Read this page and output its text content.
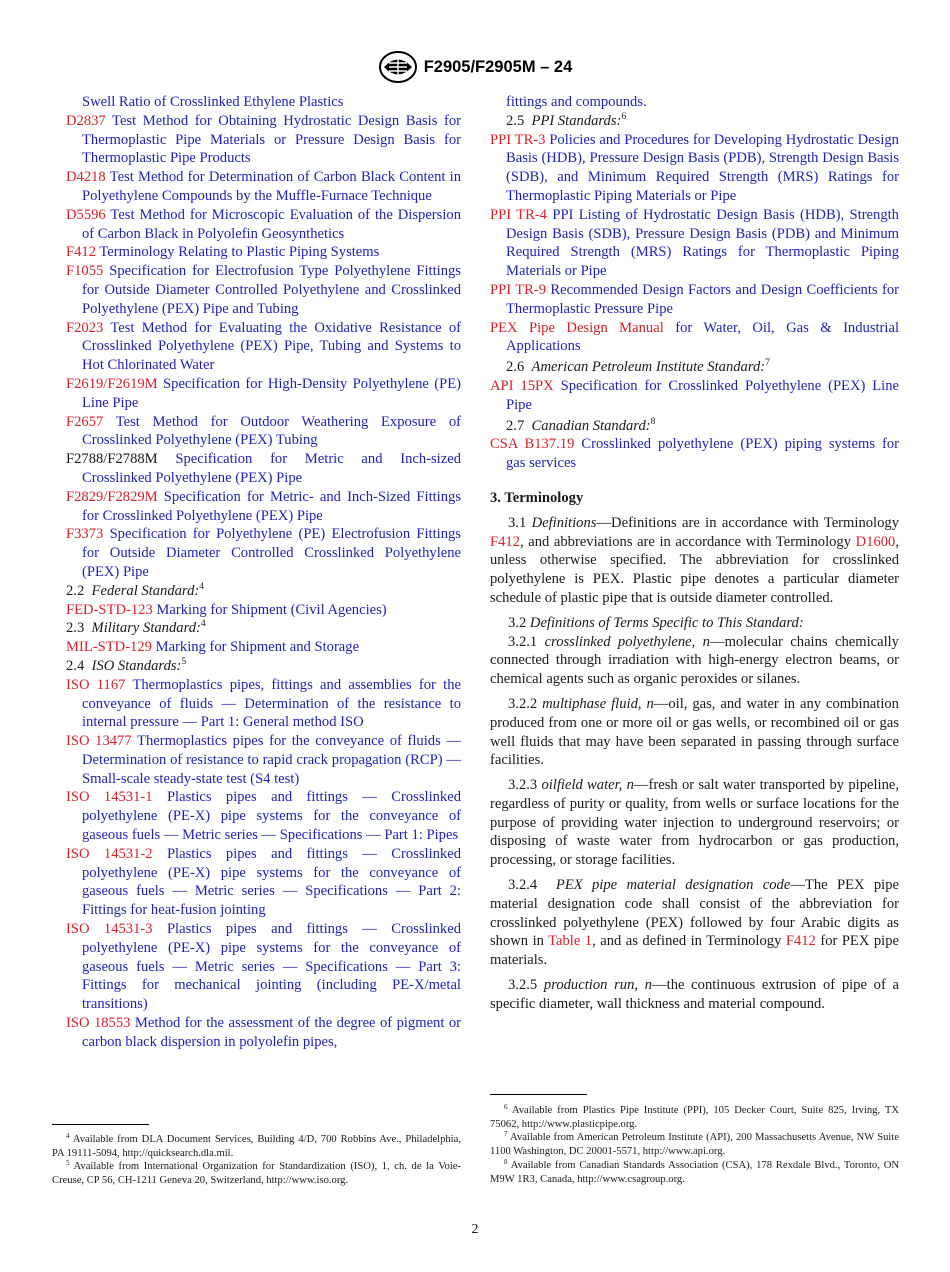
F2905/F2905M – 24
Swell Ratio of Crosslinked Ethylene Plastics
D2837 Test Method for Obtaining Hydrostatic Design Basis for Thermoplastic Pipe Materials or Pressure Design Basis for Thermoplastic Pipe Products
D4218 Test Method for Determination of Carbon Black Content in Polyethylene Compounds by the Muffle-Furnace Technique
D5596 Test Method for Microscopic Evaluation of the Dispersion of Carbon Black in Polyolefin Geosynthetics
F412 Terminology Relating to Plastic Piping Systems
F1055 Specification for Electrofusion Type Polyethylene Fittings for Outside Diameter Controlled Polyethylene and Crosslinked Polyethylene (PEX) Pipe and Tubing
F2023 Test Method for Evaluating the Oxidative Resistance of Crosslinked Polyethylene (PEX) Pipe, Tubing and Systems to Hot Chlorinated Water
F2619/F2619M Specification for High-Density Polyethylene (PE) Line Pipe
F2657 Test Method for Outdoor Weathering Exposure of Crosslinked Polyethylene (PEX) Tubing
F2788/F2788M Specification for Metric and Inch-sized Crosslinked Polyethylene (PEX) Pipe
F2829/F2829M Specification for Metric- and Inch-Sized Fittings for Crosslinked Polyethylene (PEX) Pipe
F3373 Specification for Polyethylene (PE) Electrofusion Fittings for Outside Diameter Controlled Crosslinked Polyethylene (PEX) Pipe
2.2 Federal Standard:$^4$
FED-STD-123 Marking for Shipment (Civil Agencies)
2.3 Military Standard:$^4$
MIL-STD-129 Marking for Shipment and Storage
2.4 ISO Standards:$^5$
ISO 1167 Thermoplastics pipes, fittings and assemblies for the conveyance of fluids — Determination of the resistance to internal pressure — Part 1: General method ISO
ISO 13477 Thermoplastics pipes for the conveyance of fluids — Determination of resistance to rapid crack propagation (RCP) — Small-scale steady-state test (S4 test)
ISO 14531-1 Plastics pipes and fittings — Crosslinked polyethylene (PE-X) pipe systems for the conveyance of gaseous fuels — Metric series — Specifications — Part 1: Pipes
ISO 14531-2 Plastics pipes and fittings — Crosslinked polyethylene (PE-X) pipe systems for the conveyance of gaseous fuels — Metric series — Specifications — Part 2: Fittings for heat-fusion jointing
ISO 14531-3 Plastics pipes and fittings — Crosslinked polyethylene (PE-X) pipe systems for the conveyance of gaseous fuels — Metric series — Specifications — Part 3: Fittings for mechanical jointing (including PE-X/metal transitions)
ISO 18553 Method for the assessment of the degree of pigment or carbon black dispersion in polyolefin pipes,
fittings and compounds.
2.5 PPI Standards:$^6$
PPI TR-3 Policies and Procedures for Developing Hydrostatic Design Basis (HDB), Pressure Design Basis (PDB), Strength Design Basis (SDB), and Minimum Required Strength (MRS) Ratings for Thermoplastic Piping Materials or Pipe
PPI TR-4 PPI Listing of Hydrostatic Design Basis (HDB), Strength Design Basis (SDB), Pressure Design Basis (PDB) and Minimum Required Strength (MRS) Ratings for Thermoplastic Piping Materials or Pipe
PPI TR-9 Recommended Design Factors and Design Coefficients for Thermoplastic Pressure Pipe
PEX Pipe Design Manual for Water, Oil, Gas & Industrial Applications
2.6 American Petroleum Institute Standard:$^7$
API 15PX Specification for Crosslinked Polyethylene (PEX) Line Pipe
2.7 Canadian Standard:$^8$
CSA B137.19 Crosslinked polyethylene (PEX) piping systems for gas services
3. Terminology
3.1 Definitions—Definitions are in accordance with Terminology F412, and abbreviations are in accordance with Terminology D1600, unless otherwise specified. The abbreviation for crosslinked polyethylene is PEX. Plastic pipe denotes a particular diameter schedule of plastic pipe that is outside diameter controlled.
3.2 Definitions of Terms Specific to This Standard:
3.2.1 crosslinked polyethylene, n—molecular chains chemically connected through irradiation with high-energy electron beams, or chemical agents such as organic peroxides or silanes.
3.2.2 multiphase fluid, n—oil, gas, and water in any combination produced from one or more oil or gas wells, or recombined oil or gas well fluids that may have been separated in passing through surface facilities.
3.2.3 oilfield water, n—fresh or salt water transported by pipeline, regardless of purity or quality, from wells or surface locations for the purpose of providing water injection to underground reservoirs; or disposing of waste water from hydrocarbon or gas production, processing, or storage facilities.
3.2.4 PEX pipe material designation code—The PEX pipe material designation code shall consist of the abbreviation for crosslinked polyethylene (PEX) followed by four Arabic digits as shown in Table 1, and as defined in Terminology F412 for PEX pipe materials.
3.2.5 production run, n—the continuous extrusion of pipe of a specific diameter, wall thickness and material compound.

$^4$ Available from DLA Document Services, Building 4/D, 700 Robbins Ave., Philadelphia, PA 19111-5094, http://quicksearch.dla.mil.

$^5$ Available from International Organization for Standardization (ISO), 1, ch. de la Voie-Creuse, CP 56, CH-1211 Geneva 20, Switzerland, http://www.iso.org.

$^6$ Available from Plastics Pipe Institute (PPI), 105 Decker Court, Suite 825, Irving, TX 75062, http://www.plasticpipe.org.

$^7$ Available from American Petroleum Institute (API), 200 Massachusetts Avenue, NW Suite 1100 Washington, DC 20001-5571, http://www.api.org.

$^8$ Available from Canadian Standards Association (CSA), 178 Rexdale Blvd., Toronto, ON M9W 1R3, Canada, http://www.csagroup.org.

2
